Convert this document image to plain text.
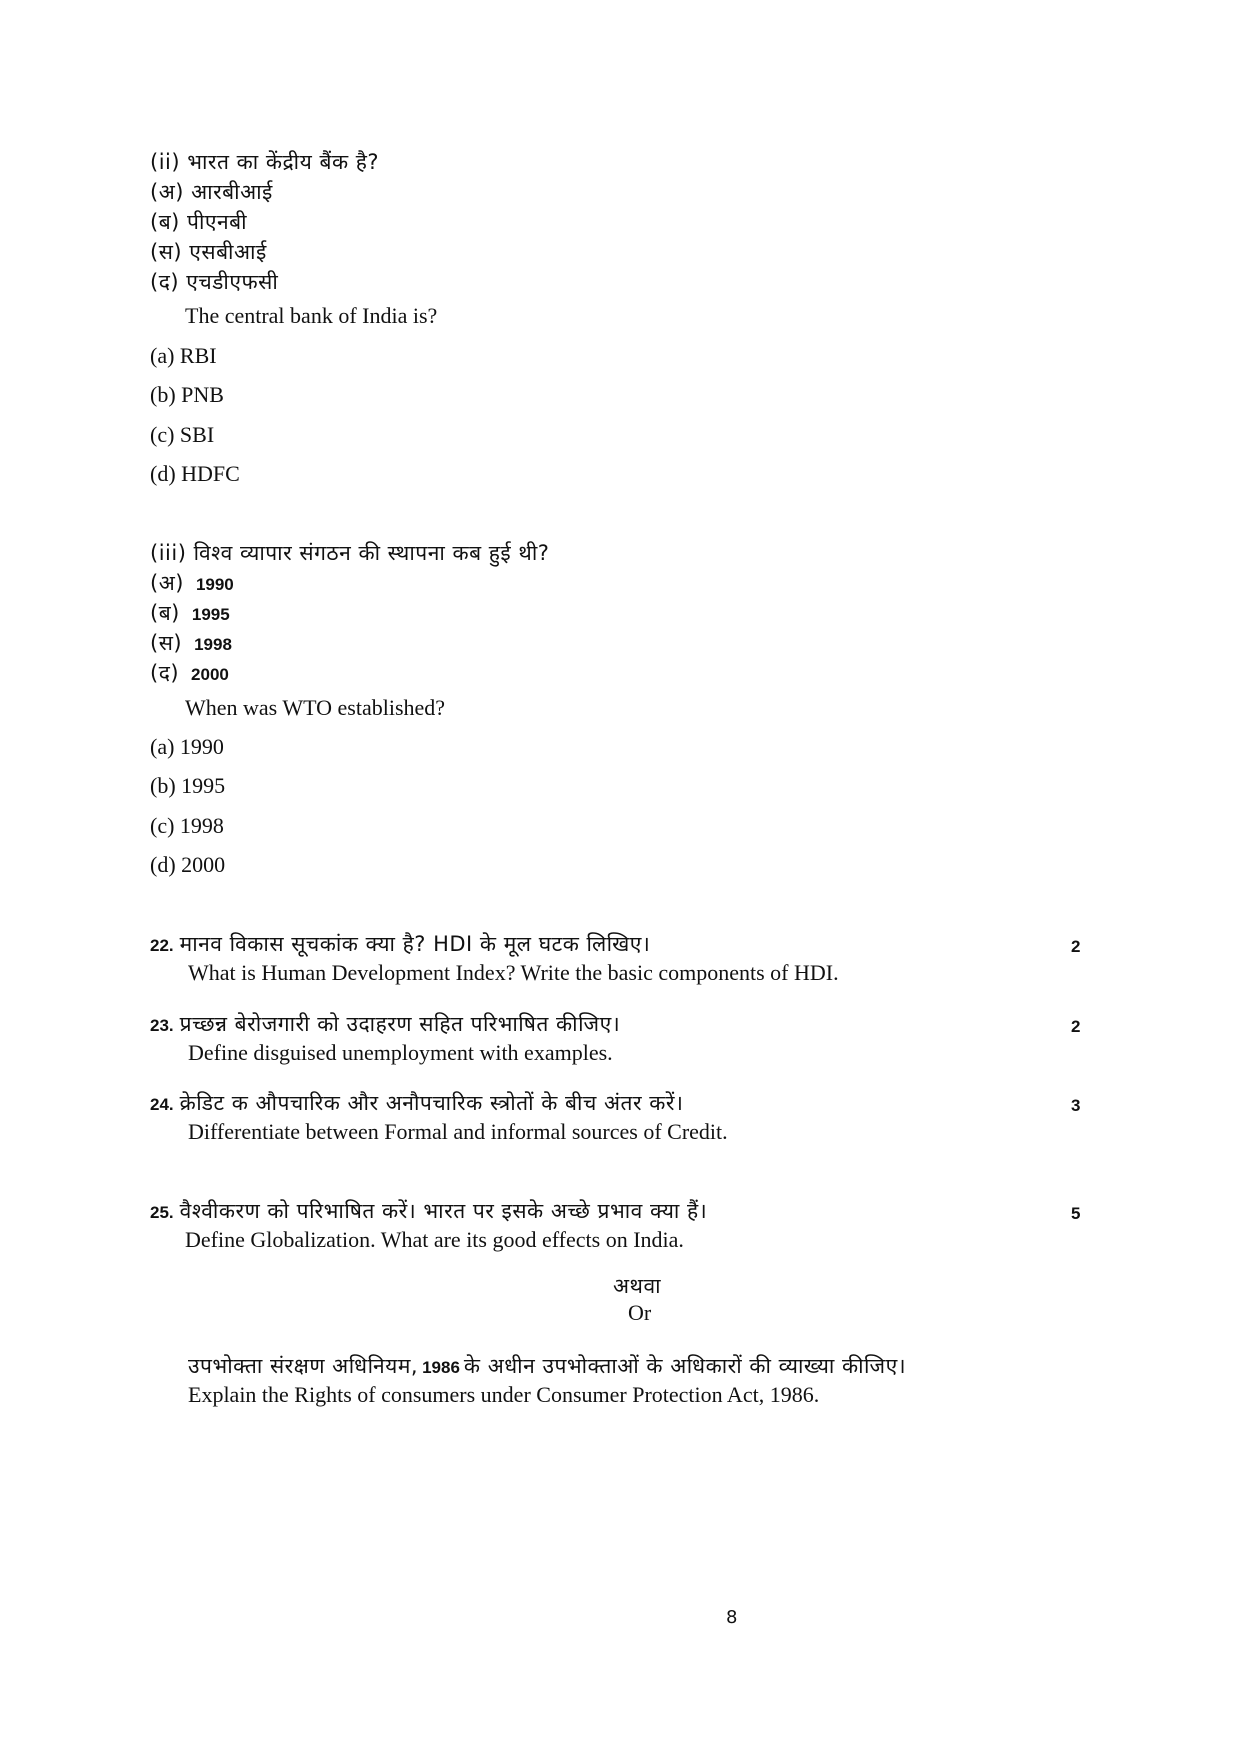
(ii) भारत का केंद्रीय बैंक है?
(अ) आरबीआई
(ब) पीएनबी
(स) एसबीआई
(द) एचडीएफसी
The central bank of India is?
(a) RBI
(b) PNB
(c) SBI
(d) HDFC
(iii) विश्व व्यापार संगठन की स्थापना कब हुई थी?
(अ) 1990
(ब) 1995
(स) 1998
(द) 2000
When was WTO established?
(a) 1990
(b) 1995
(c) 1998
(d) 2000
22. मानव विकास सूचकांक क्या है? HDI के मूल घटक लिखिए।	2
What is Human Development Index? Write the basic components of HDI.
23. प्रच्छन्न बेरोजगारी को उदाहरण सहित परिभाषित कीजिए।	2
Define disguised unemployment with examples.
24. क्रेडिट क औपचारिक और अनौपचारिक स्त्रोतों के बीच अंतर करें।	3
Differentiate between Formal and informal sources of Credit.
25. वैश्वीकरण को परिभाषित करें। भारत पर इसके अच्छे प्रभाव क्या हैं।	5
Define Globalization. What are its good effects on India.
अथवा
Or
उपभोक्ता संरक्षण अधिनियम, 1986 के अधीन उपभोक्ताओं के अधिकारों की व्याख्या कीजिए।
Explain the Rights of consumers under Consumer Protection Act, 1986.
8
